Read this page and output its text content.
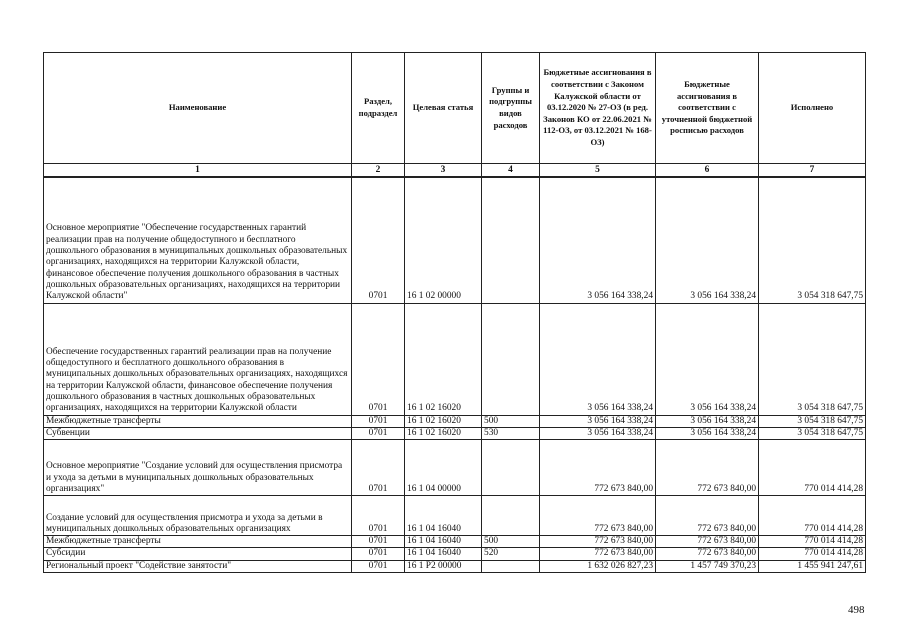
Наименование	Раздел, подраздел	Целевая статья	Группы и подгруппы видов расходов	Бюджетные ассигнования в соответствии с Законом Калужской области от 03.12.2020 № 27-ОЗ (в ред. Законов КО от 22.06.2021 № 112-ОЗ, от 03.12.2021 № 168-ОЗ)	Бюджетные ассигнования в соответствии с уточненной бюджетной росписью расходов	Исполнено
1	2	3	4	5	6	7
Основное мероприятие "Обеспечение государственных гарантий реализации прав на получение общедоступного и бесплатного дошкольного образования в муниципальных дошкольных образовательных организациях, находящихся на территории Калужской области, финансовое обеспечение получения дошкольного образования в частных дошкольных образовательных организациях, находящихся на территории Калужской области"	0701	16 1 02 00000		3 056 164 338,24	3 056 164 338,24	3 054 318 647,75
Обеспечение государственных гарантий реализации прав на получение общедоступного и бесплатного дошкольного образования в муниципальных дошкольных образовательных организациях, находящихся на территории Калужской области, финансовое обеспечение получения дошкольного образования в частных дошкольных образовательных организациях, находящихся на территории Калужской области	0701	16 1 02 16020		3 056 164 338,24	3 056 164 338,24	3 054 318 647,75
Межбюджетные трансферты	0701	16 1 02 16020	500	3 056 164 338,24	3 056 164 338,24	3 054 318 647,75
Субвенции	0701	16 1 02 16020	530	3 056 164 338,24	3 056 164 338,24	3 054 318 647,75
Основное мероприятие "Создание условий для осуществления присмотра и ухода за детьми в муниципальных дошкольных образовательных организациях"	0701	16 1 04 00000		772 673 840,00	772 673 840,00	770 014 414,28
Создание условий для осуществления присмотра и ухода за детьми в муниципальных дошкольных образовательных организациях	0701	16 1 04 16040		772 673 840,00	772 673 840,00	770 014 414,28
Межбюджетные трансферты	0701	16 1 04 16040	500	772 673 840,00	772 673 840,00	770 014 414,28
Субсидии	0701	16 1 04 16040	520	772 673 840,00	772 673 840,00	770 014 414,28
Региональный проект "Содействие занятости"	0701	16 1 P2 00000		1 632 026 827,23	1 457 749 370,23	1 455 941 247,61
498
